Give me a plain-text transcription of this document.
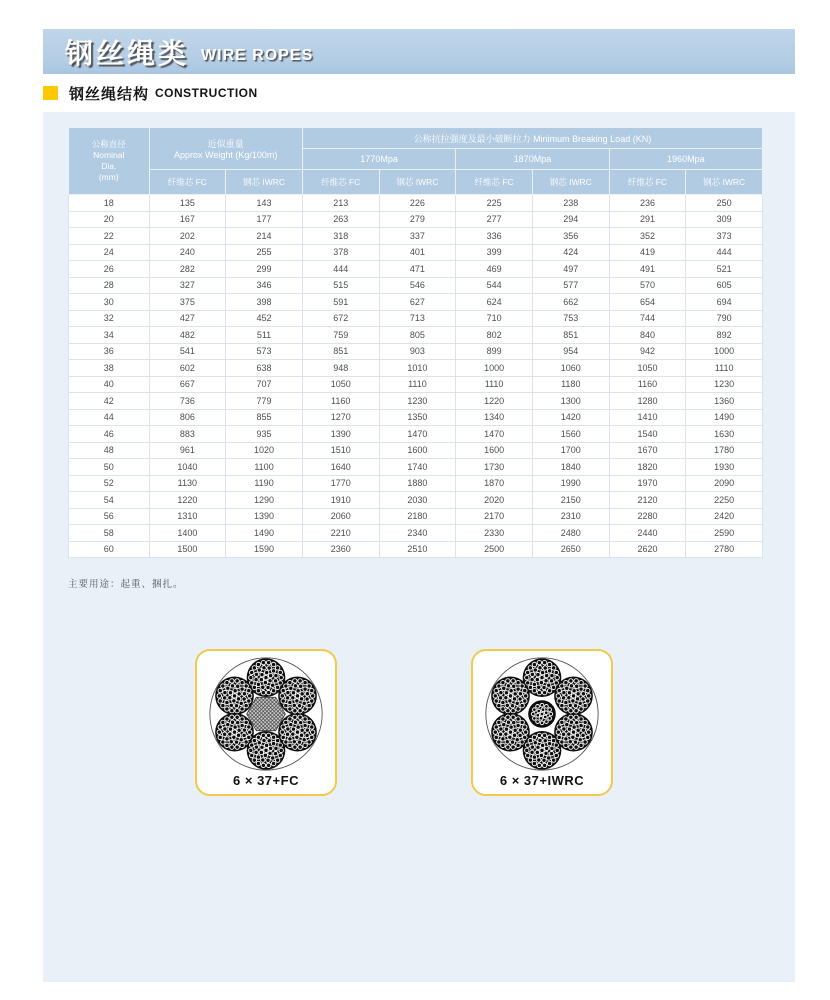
钢丝绳类 WIRE ROPES
钢丝绳结构 CONSTRUCTION
公称直径
Nominal
Dia.
(mm)	近似重量
Approx Weight (Kg/100m)		公称抗拉强度及最小破断拉力 Minimum Breaking Load (KN)					
			1770Mpa		1870Mpa		1960Mpa	
	纤维芯 FC	钢芯 IWRC	纤维芯 FC	钢芯 IWRC	纤维芯 FC	钢芯 IWRC	纤维芯 FC	钢芯 IWRC
18	135	143	213	226	225	238	236	250
20	167	177	263	279	277	294	291	309
22	202	214	318	337	336	356	352	373
24	240	255	378	401	399	424	419	444
26	282	299	444	471	469	497	491	521
28	327	346	515	546	544	577	570	605
30	375	398	591	627	624	662	654	694
32	427	452	672	713	710	753	744	790
34	482	511	759	805	802	851	840	892
36	541	573	851	903	899	954	942	1000
38	602	638	948	1010	1000	1060	1050	1110
40	667	707	1050	1110	1110	1180	1160	1230
42	736	779	1160	1230	1220	1300	1280	1360
44	806	855	1270	1350	1340	1420	1410	1490
46	883	935	1390	1470	1470	1560	1540	1630
48	961	1020	1510	1600	1600	1700	1670	1780
50	1040	1100	1640	1740	1730	1840	1820	1930
52	1130	1190	1770	1880	1870	1990	1970	2090
54	1220	1290	1910	2030	2020	2150	2120	2250
56	1310	1390	2060	2180	2170	2310	2280	2420
58	1400	1490	2210	2340	2330	2480	2440	2590
60	1500	1590	2360	2510	2500	2650	2620	2780
主要用途：起重、捆扎。
6 × 37+FC	6 × 37+IWRC
